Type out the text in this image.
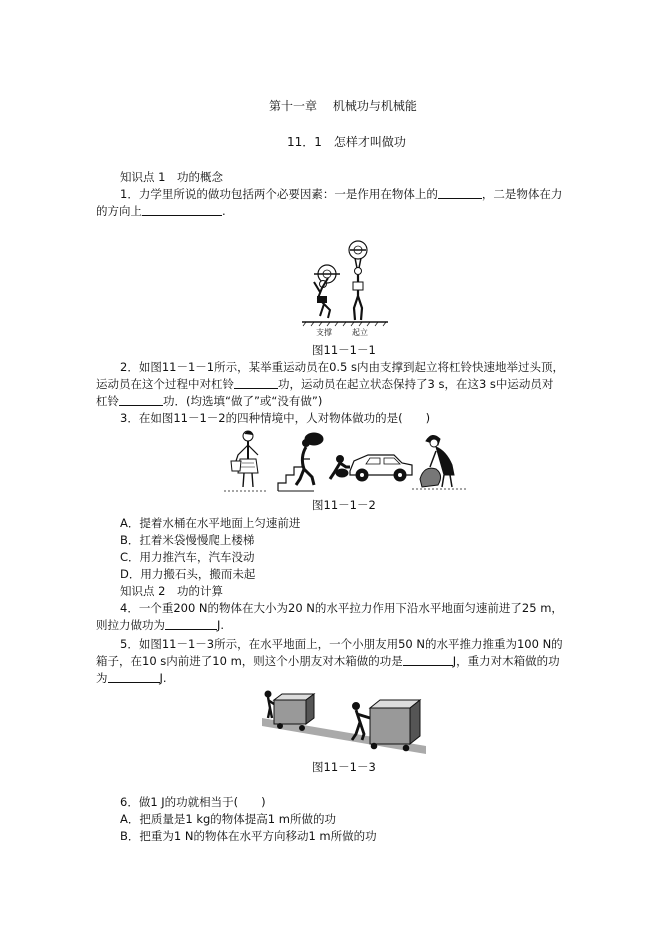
第十一章　 机械功与机械能
11．1　怎样才叫做功
知识点 1　功的概念
1．力学里所说的做功包括两个必要因素：一是作用在物体上的	，二是物体在力
的方向上	.
支撑	起立
图11－1－1
2．如图11－1－1所示，某举重运动员在0.5 s内由支撑到起立将杠铃快速地举过头顶，
运动员在这个过程中对杠铃	功，运动员在起立状态保持了3 s，在这3 s中运动员对
杠铃	功．(均选填“做了”或“没有做”)
3．在如图11－1－2的四种情境中，人对物体做功的是(　　)
图11－1－2
A．提着水桶在水平地面上匀速前进
B．扛着米袋慢慢爬上楼梯
C．用力推汽车，汽车没动
D．用力搬石头，搬而未起
知识点 2　功的计算
4．一个重200 N的物体在大小为20 N的水平拉力作用下沿水平地面匀速前进了25 m，
则拉力做功为	J.
5．如图11－1－3所示，在水平地面上，一个小朋友用50 N的水平推力推重为100 N的
箱子，在10 s内前进了10 m，则这个小朋友对木箱做的功是	J，重力对木箱做的功
为	J.
图11－1－3
6．做1 J的功就相当于(　　)
A．把质量是1 kg的物体提高1 m所做的功
B．把重为1 N的物体在水平方向移动1 m所做的功
